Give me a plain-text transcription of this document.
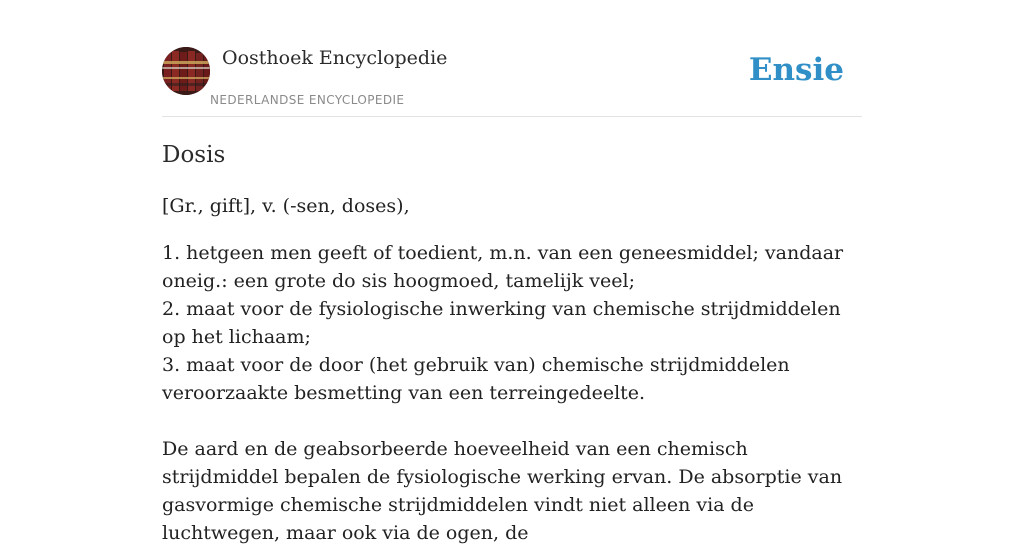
Oosthoek Encyclopedie
NEDERLANDSE ENCYCLOPEDIE
Ensie
Dosis

[Gr., gift], v. (-sen, doses),

1. hetgeen men geeft of toedient, m.n. van een geneesmiddel; vandaar oneig.: een grote do sis hoogmoed, tamelijk veel;
2. maat voor de fysiologische inwerking van chemische strijdmiddelen op het lichaam;
3. maat voor de door (het gebruik van) chemische strijdmiddelen veroorzaakte besmetting van een terreingedeelte.

De aard en de geabsorbeerde hoeveelheid van een chemisch strijdmiddel bepalen de fysiologische werking ervan. De absorptie van gasvormige chemische strijdmiddelen vindt niet alleen via de luchtwegen, maar ook via de ogen, de
